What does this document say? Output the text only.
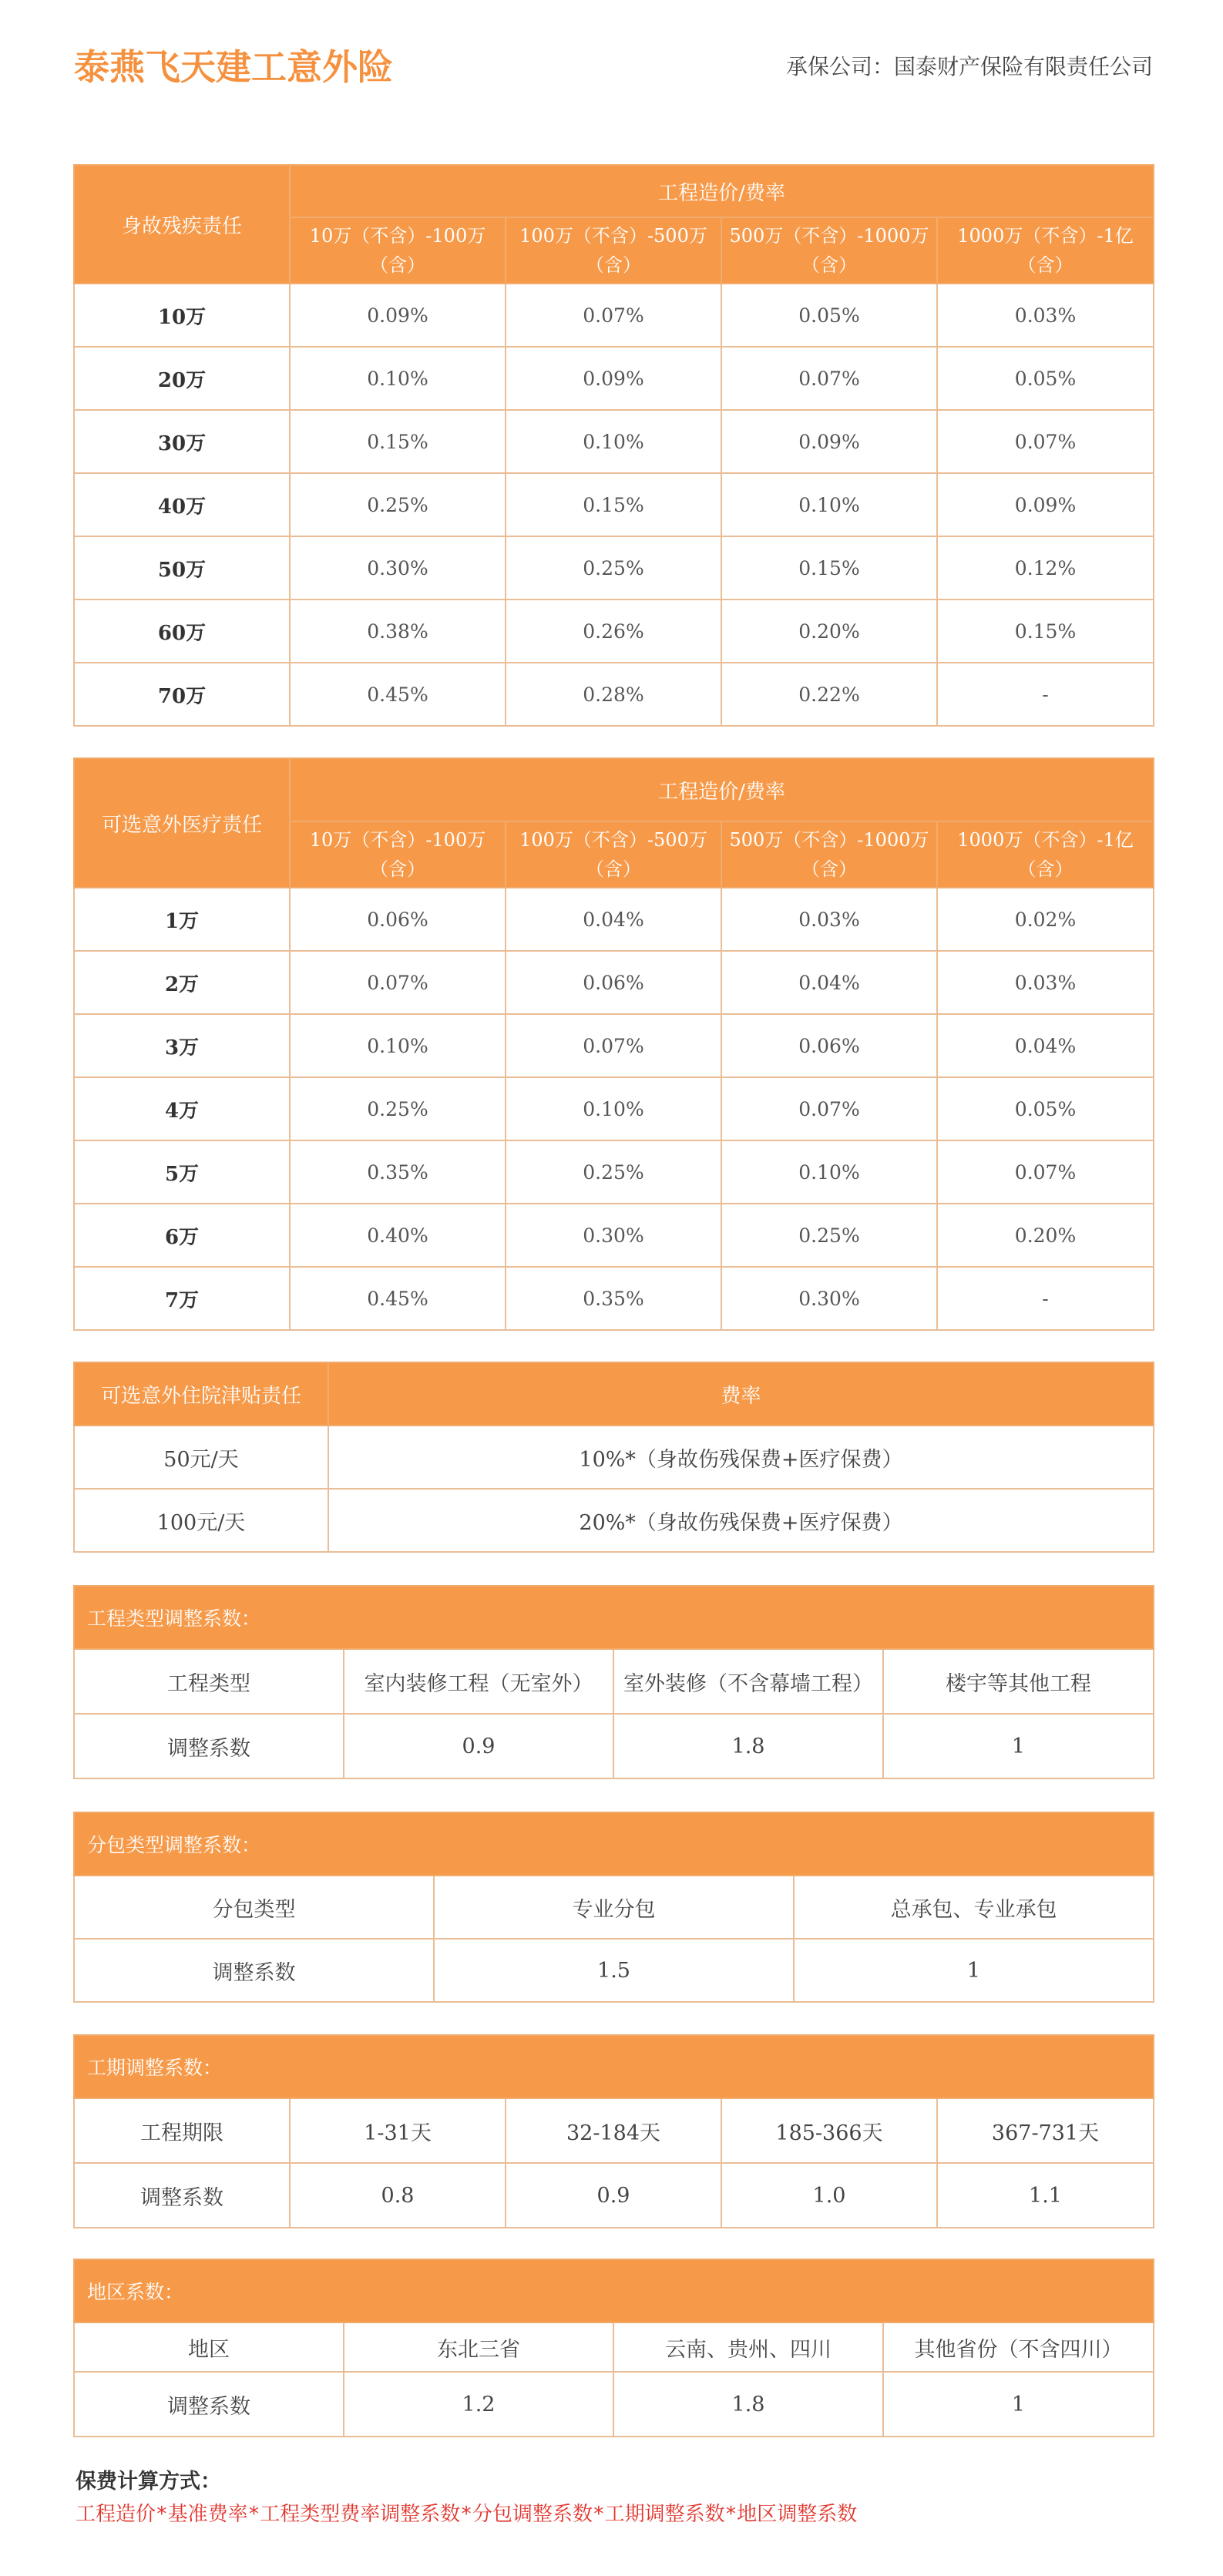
泰燕飞天建工意外险	承保公司：国泰财产保险有限责任公司
身故残疾责任	工程造价/费率			
	10万（不含）-100万（含）	100万（不含）-500万（含）	500万（不含）-1000万（含）	1000万（不含）-1亿（含）
10万	0.09%	0.07%	0.05%	0.03%
20万	0.10%	0.09%	0.07%	0.05%
30万	0.15%	0.10%	0.09%	0.07%
40万	0.25%	0.15%	0.10%	0.09%
50万	0.30%	0.25%	0.15%	0.12%
60万	0.38%	0.26%	0.20%	0.15%
70万	0.45%	0.28%	0.22%	-
可选意外医疗责任	工程造价/费率			
	10万（不含）-100万（含）	100万（不含）-500万（含）	500万（不含）-1000万（含）	1000万（不含）-1亿（含）
1万	0.06%	0.04%	0.03%	0.02%
2万	0.07%	0.06%	0.04%	0.03%
3万	0.10%	0.07%	0.06%	0.04%
4万	0.25%	0.10%	0.07%	0.05%
5万	0.35%	0.25%	0.10%	0.07%
6万	0.40%	0.30%	0.25%	0.20%
7万	0.45%	0.35%	0.30%	-
可选意外住院津贴责任	费率
50元/天	10%*（身故伤残保费+医疗保费）
100元/天	20%*（身故伤残保费+医疗保费）
工程类型调整系数：			
工程类型	室内装修工程（无室外）	室外装修（不含幕墙工程）	楼宇等其他工程
调整系数	0.9	1.8	1
分包类型调整系数：		
分包类型	专业分包	总承包、专业承包
调整系数	1.5	1
工期调整系数：				
工程期限	1-31天	32-184天	185-366天	367-731天
调整系数	0.8	0.9	1.0	1.1
地区系数：			
地区	东北三省	云南、贵州、四川	其他省份（不含四川）
调整系数	1.2	1.8	1
保费计算方式：
工程造价*基准费率*工程类型费率调整系数*分包调整系数*工期调整系数*地区调整系数
